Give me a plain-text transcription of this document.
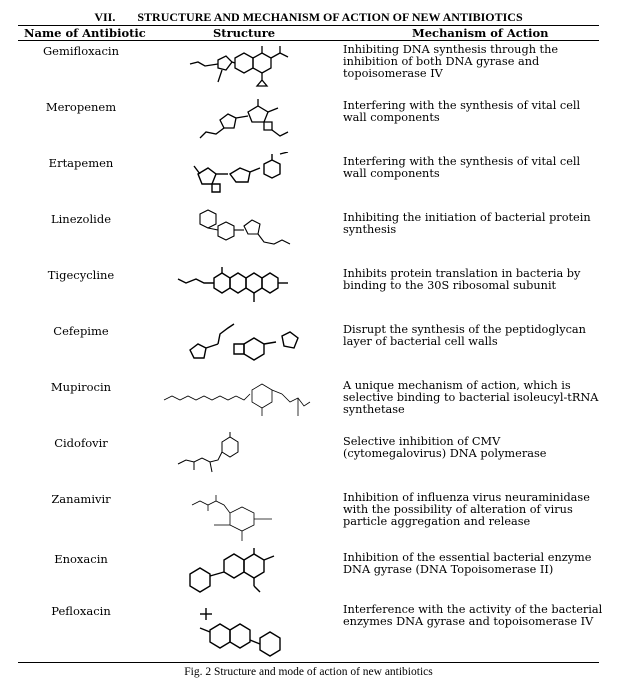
VII. STRUCTURE AND MECHANISM OF ACTION OF NEW ANTIBIOTICS
Name of Antibiotic	Structure	Mechanism of Action
Gemifloxacin	Inhibiting DNA synthesis through the inhibition of both DNA gyrase and topoisomerase IV
Meropenem	Interfering with the synthesis of vital cell wall components
Ertapemen	Interfering with the synthesis of vital cell wall components
Linezolide	Inhibiting the initiation of bacterial protein synthesis
Tigecycline	Inhibits protein translation in bacteria by binding to the 30S ribosomal subunit
Cefepime	Disrupt the synthesis of the peptidoglycan layer of bacterial cell walls
Mupirocin	A unique mechanism of action, which is selective binding to bacterial isoleucyl-tRNA synthetase
Cidofovir	Selective inhibition of CMV (cytomegalovirus) DNA polymerase
Zanamivir	Inhibition of influenza virus neuraminidase with the possibility of alteration of virus particle aggregation and release
Enoxacin	Inhibition of the essential bacterial enzyme DNA gyrase (DNA Topoisomerase II)
Pefloxacin	Interference with the activity of the bacterial enzymes DNA gyrase and topoisomerase IV
Fig. 2 Structure and mode of action of new antibiotics
